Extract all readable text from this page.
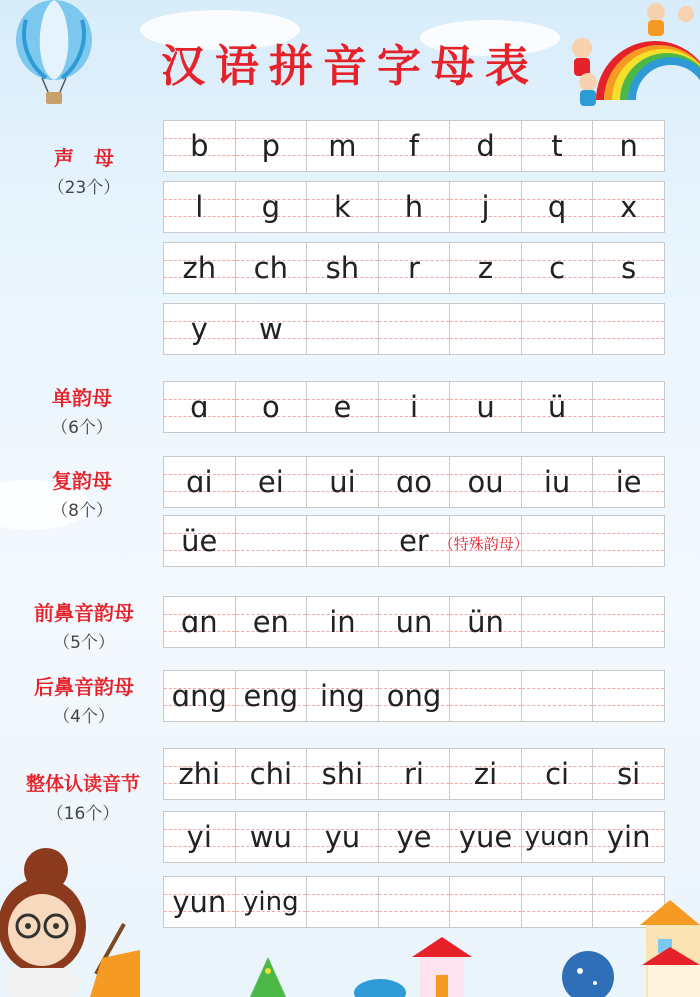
汉语拼音字母表
声　母
（23个）
单韵母
（6个）
复韵母
（8个）
前鼻音韵母
（5个）
后鼻音韵母
（4个）
整体认读音节
（16个）
b p m f d t n
l g k h j q x
zh ch sh r z c s
y w
ɑ o e i u ü
ɑi ei ui ɑo ou iu ie
üe	er （特殊韵母）
ɑn en in un ün
ɑng eng ing ong
zhi chi shi ri zi ci si
yi wu yu ye yue yuɑn yin
yun ying
